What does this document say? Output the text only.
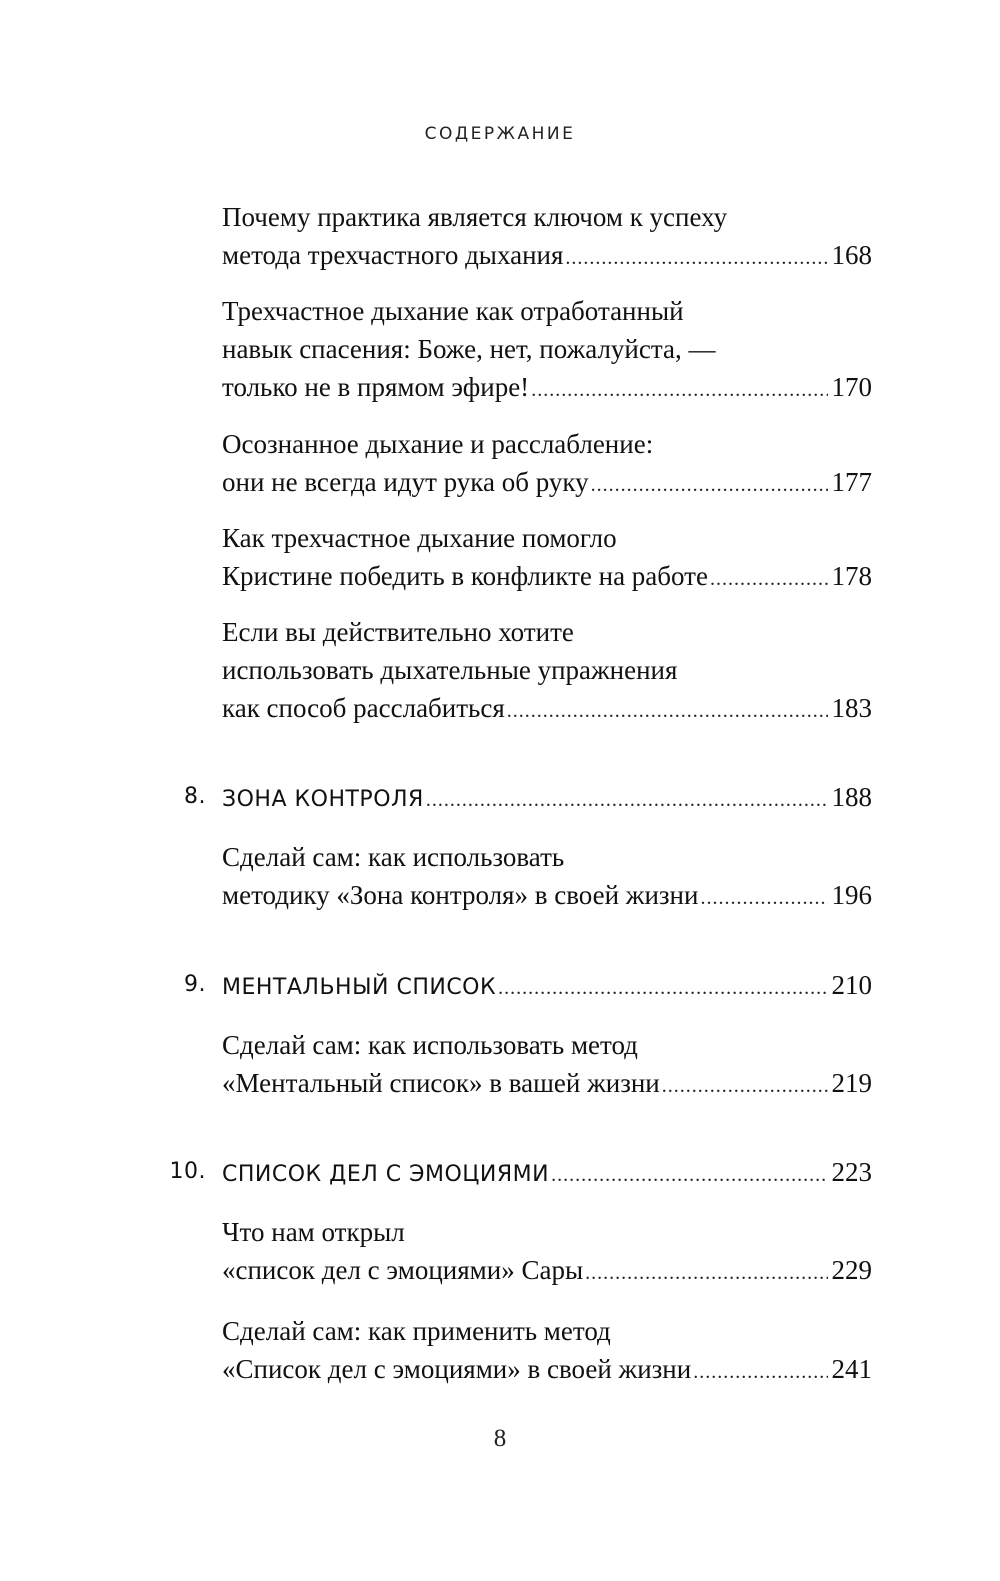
СОДЕРЖАНИЕ
Почему практика является ключом к успеху
метода трехчастного дыхания .....	168
Трехчастное дыхание как отработанный
навык спасения: Боже, нет, пожалуйста, —
только не в прямом эфире! .....	170
Осознанное дыхание и расслабление:
они не всегда идут рука об руку .....	177
Как трехчастное дыхание помогло
Кристине победить в конфликте на работе .....	178
Если вы действительно хотите
использовать дыхательные упражнения
как способ расслабиться .....	183
8. ЗОНА КОНТРОЛЯ .....	188
Сделай сам: как использовать
методику «Зона контроля» в своей жизни .....	196
9. МЕНТАЛЬНЫЙ СПИСОК .....	210
Сделай сам: как использовать метод
«Ментальный список» в вашей жизни .....	219
10. СПИСОК ДЕЛ С ЭМОЦИЯМИ .....	223
Что нам открыл
«список дел с эмоциями» Сары .....	229
Сделай сам: как применить метод
«Список дел с эмоциями» в своей жизни .....	241
8
